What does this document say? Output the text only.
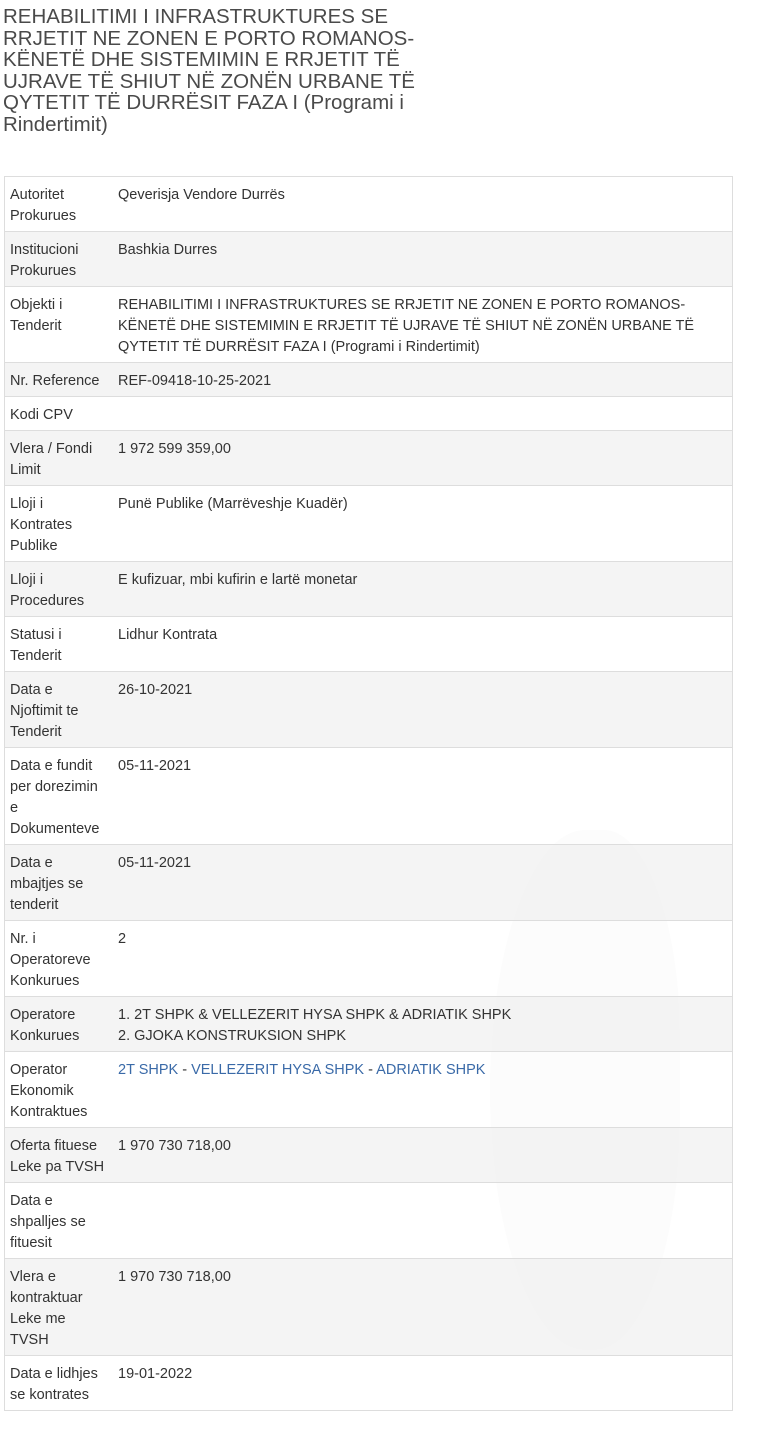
REHABILITIMI I INFRASTRUKTURES SE RRJETIT NE ZONEN E PORTO ROMANOS-KËNETË DHE SISTEMIMIN E RRJETIT TË UJRAVE TË SHIUT NË ZONËN URBANE TË QYTETIT TË DURRËSIT FAZA I (Programi i Rindertimit)
Autoritet Prokurues	Qeverisja Vendore Durrës
Institucioni Prokurues	Bashkia Durres
Objekti i Tenderit	REHABILITIMI I INFRASTRUKTURES SE RRJETIT NE ZONEN E PORTO ROMANOS-KËNETË DHE SISTEMIMIN E RRJETIT TË UJRAVE TË SHIUT NË ZONËN URBANE TË QYTETIT TË DURRËSIT FAZA I (Programi i Rindertimit)
Nr. Reference	REF-09418-10-25-2021
Kodi CPV	
Vlera / Fondi Limit	1 972 599 359,00
Lloji i Kontrates Publike	Punë Publike (Marrëveshje Kuadër)
Lloji i Procedures	E kufizuar, mbi kufirin e lartë monetar
Statusi i Tenderit	Lidhur Kontrata
Data e Njoftimit te Tenderit	26-10-2021
Data e fundit per dorezimin e Dokumenteve	05-11-2021
Data e mbajtjes se tenderit	05-11-2021
Nr. i Operatoreve Konkurues	2
Operatore Konkurues	1. 2T SHPK & VELLEZERIT HYSA SHPK & ADRIATIK SHPK
2. GJOKA KONSTRUKSION SHPK

Operator Ekonomik Kontraktues	2T SHPK - VELLEZERIT HYSA SHPK - ADRIATIK SHPK
Oferta fituese Leke pa TVSH	1 970 730 718,00
Data e shpalljes se fituesit	
Vlera e kontraktuar Leke me TVSH	1 970 730 718,00
Data e lidhjes se kontrates	19-01-2022
